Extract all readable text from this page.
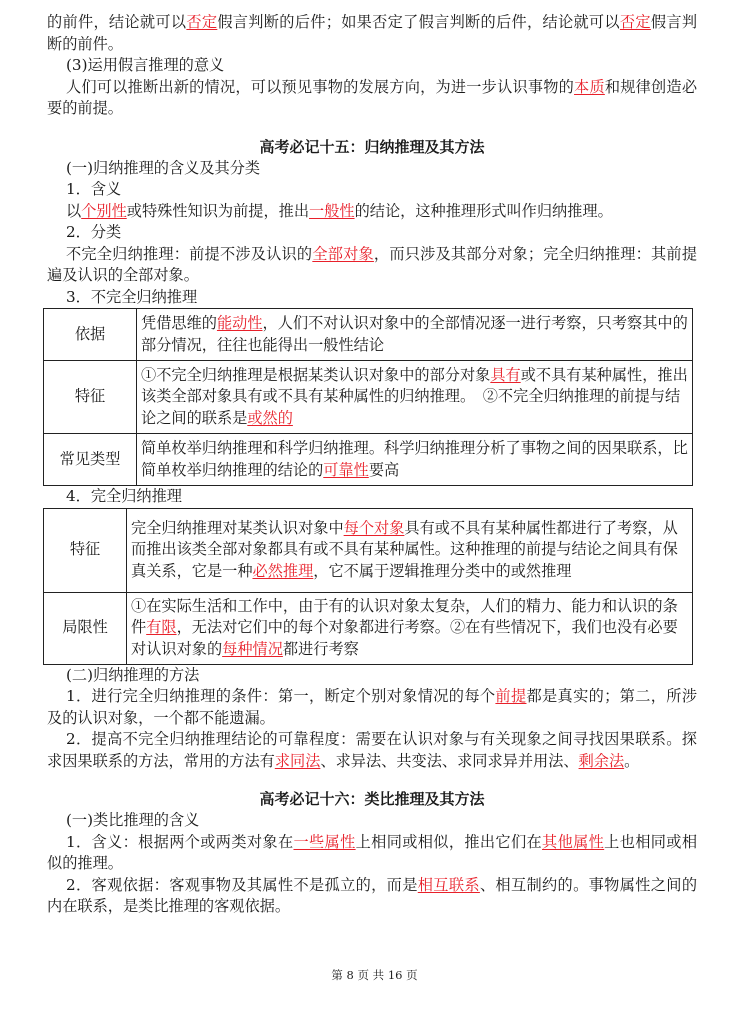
的前件，结论就可以否定假言判断的后件；如果否定了假言判断的后件，结论就可以否定假言判断的前件。

(3)运用假言推理的意义

人们可以推断出新的情况，可以预见事物的发展方向，为进一步认识事物的本质和规律创造必要的前提。

高考必记十五：归纳推理及其方法

(一)归纳推理的含义及其分类

1．含义

以个别性或特殊性知识为前提，推出一般性的结论，这种推理形式叫作归纳推理。

2．分类

不完全归纳推理：前提不涉及认识的全部对象，而只涉及其部分对象；完全归纳推理：其前提遍及认识的全部对象。

3．不完全归纳推理

依据	凭借思维的能动性，人们不对认识对象中的全部情况逐一进行考察，只考察其中的部分情况，往往也能得出一般性结论
特征	①不完全归纳推理是根据某类认识对象中的部分对象具有或不具有某种属性，推出该类全部对象具有或不具有某种属性的归纳推理。　②不完全归纳推理的前提与结论之间的联系是或然的
常见类型	简单枚举归纳推理和科学归纳推理。科学归纳推理分析了事物之间的因果联系，比简单枚举归纳推理的结论的可靠性要高

4．完全归纳推理

特征	完全归纳推理对某类认识对象中每个对象具有或不具有某种属性都进行了考察，从而推出该类全部对象都具有或不具有某种属性。这种推理的前提与结论之间具有保真关系，它是一种必然推理，它不属于逻辑推理分类中的或然推理
局限性	①在实际生活和工作中，由于有的认识对象太复杂，人们的精力、能力和认识的条件有限，无法对它们中的每个对象都进行考察。②在有些情况下，我们也没有必要对认识对象的每种情况都进行考察

(二)归纳推理的方法

1．进行完全归纳推理的条件：第一，断定个别对象情况的每个前提都是真实的；第二，所涉及的认识对象，一个都不能遗漏。

2．提高不完全归纳推理结论的可靠程度：需要在认识对象与有关现象之间寻找因果联系。探求因果联系的方法，常用的方法有求同法、求异法、共变法、求同求异并用法、剩余法。

高考必记十六：类比推理及其方法

(一)类比推理的含义

1．含义：根据两个或两类对象在一些属性上相同或相似，推出它们在其他属性上也相同或相似的推理。

2．客观依据：客观事物及其属性不是孤立的，而是相互联系、相互制约的。事物属性之间的内在联系，是类比推理的客观依据。

第 8 页 共 16 页
